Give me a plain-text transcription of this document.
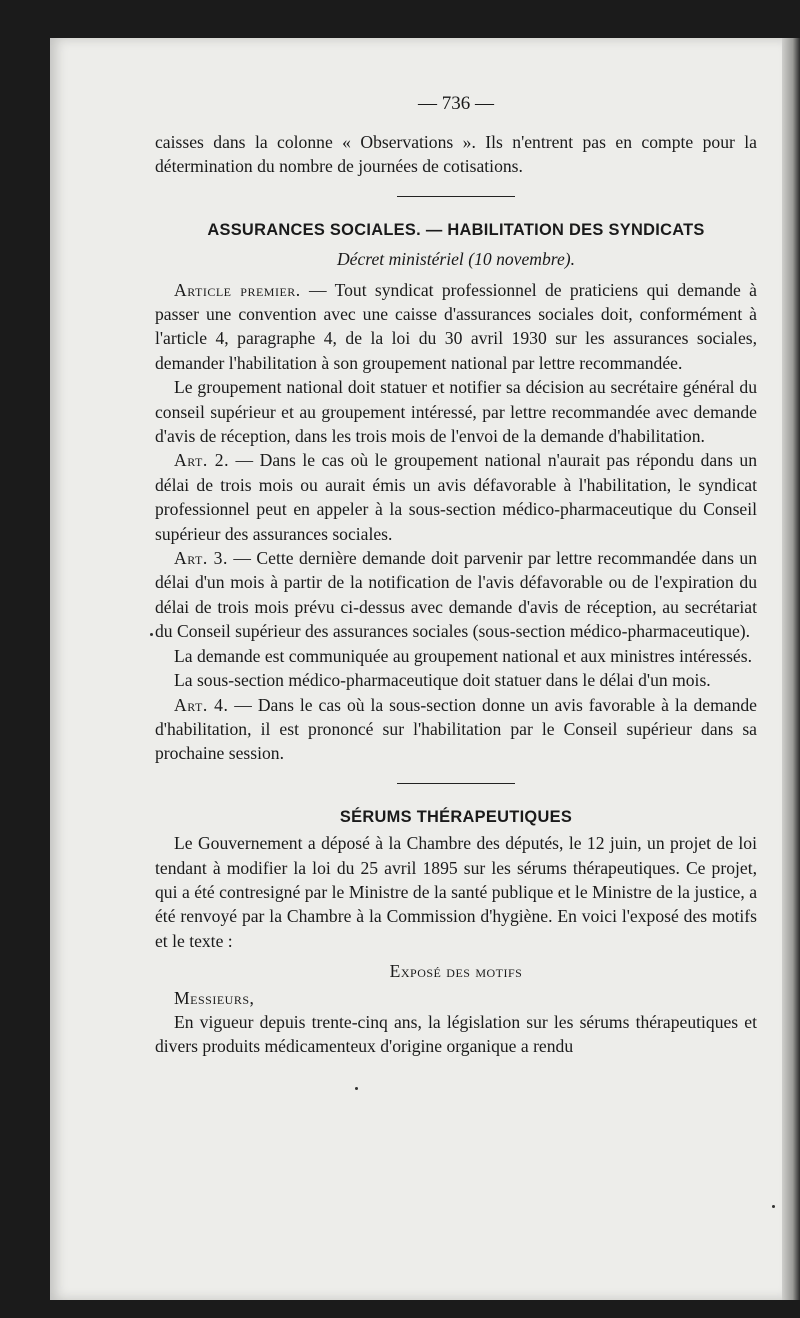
— 736 —

caisses dans la colonne « Observations ». Ils n'entrent pas en compte pour la détermination du nombre de journées de cotisations.

ASSURANCES SOCIALES. — HABILITATION DES SYNDICATS
Décret ministériel (10 novembre).

Article premier. — Tout syndicat professionnel de praticiens qui demande à passer une convention avec une caisse d'assurances sociales doit, conformément à l'article 4, paragraphe 4, de la loi du 30 avril 1930 sur les assurances sociales, demander l'habilitation à son groupement national par lettre recommandée.

Le groupement national doit statuer et notifier sa décision au secrétaire général du conseil supérieur et au groupement intéressé, par lettre recommandée avec demande d'avis de réception, dans les trois mois de l'envoi de la demande d'habilitation.

Art. 2. — Dans le cas où le groupement national n'aurait pas répondu dans un délai de trois mois ou aurait émis un avis défavorable à l'habilitation, le syndicat professionnel peut en appeler à la sous-section médico-pharmaceutique du Conseil supérieur des assurances sociales.

Art. 3. — Cette dernière demande doit parvenir par lettre recommandée dans un délai d'un mois à partir de la notification de l'avis défavorable ou de l'expiration du délai de trois mois prévu ci-dessus avec demande d'avis de réception, au secrétariat du Conseil supérieur des assurances sociales (sous-section médico-pharmaceutique).

La demande est communiquée au groupement national et aux ministres intéressés.

La sous-section médico-pharmaceutique doit statuer dans le délai d'un mois.

Art. 4. — Dans le cas où la sous-section donne un avis favorable à la demande d'habilitation, il est prononcé sur l'habilitation par le Conseil supérieur dans sa prochaine session.

SÉRUMS THÉRAPEUTIQUES

Le Gouvernement a déposé à la Chambre des députés, le 12 juin, un projet de loi tendant à modifier la loi du 25 avril 1895 sur les sérums thérapeutiques. Ce projet, qui a été contresigné par le Ministre de la santé publique et le Ministre de la justice, a été renvoyé par la Chambre à la Commission d'hygiène. En voici l'exposé des motifs et le texte :

Exposé des motifs
Messieurs,

En vigueur depuis trente-cinq ans, la législation sur les sérums thérapeutiques et divers produits médicamenteux d'origine organique a rendu
